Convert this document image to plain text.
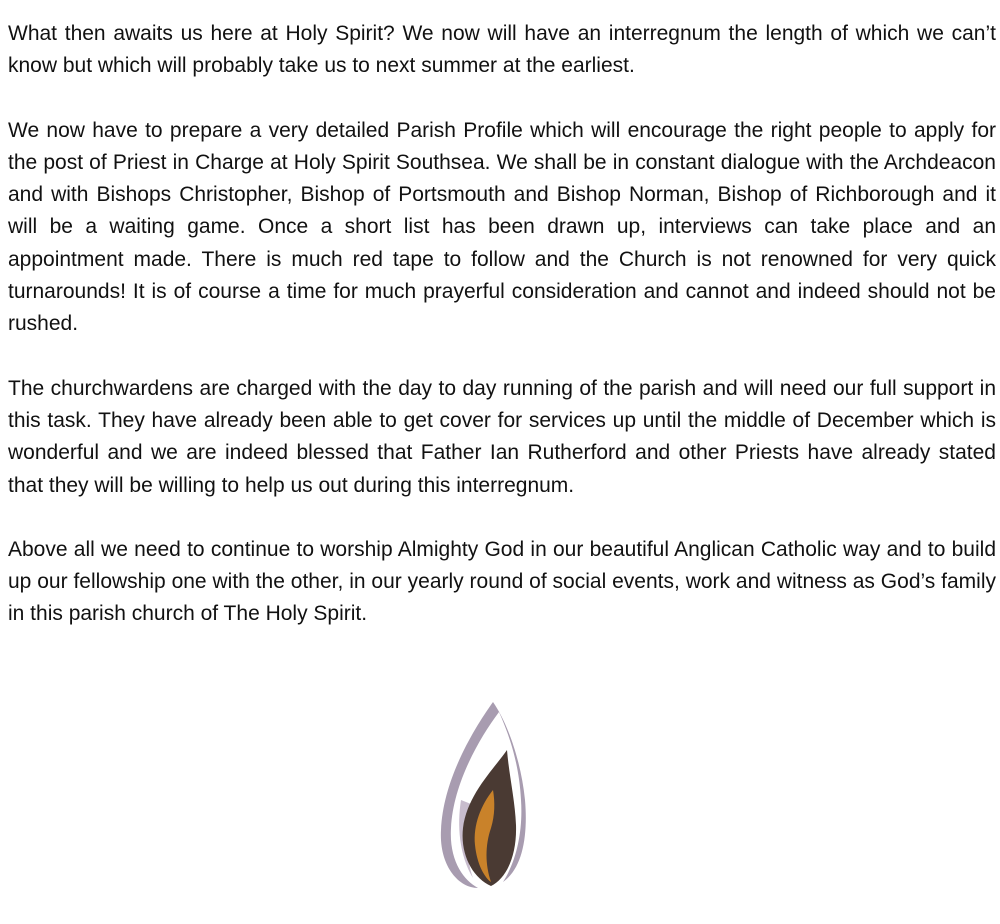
What then awaits us here at Holy Spirit? We now will have an interregnum the length of which we can’t know but which will probably take us to next summer at the earliest.

We now have to prepare a very detailed Parish Profile which will encourage the right people to apply for the post of Priest in Charge at Holy Spirit Southsea. We shall be in constant dialogue with the Archdeacon and with Bishops Christopher, Bishop of Portsmouth and Bishop Norman, Bishop of Richborough and it will be a waiting game. Once a short list has been drawn up, interviews can take place and an appointment made. There is much red tape to follow and the Church is not renowned for very quick turnarounds! It is of course a time for much prayerful consideration and cannot and indeed should not be rushed.

The churchwardens are charged with the day to day running of the parish and will need our full support in this task. They have already been able to get cover for services up until the middle of December which is wonderful and we are indeed blessed that Father Ian Rutherford and other Priests have already stated that they will be willing to help us out during this interregnum.

Above all we need to continue to worship Almighty God in our beautiful Anglican Catholic way and to build up our fellowship one with the other, in our yearly round of social events, work and witness as God’s family in this parish church of The Holy Spirit.
